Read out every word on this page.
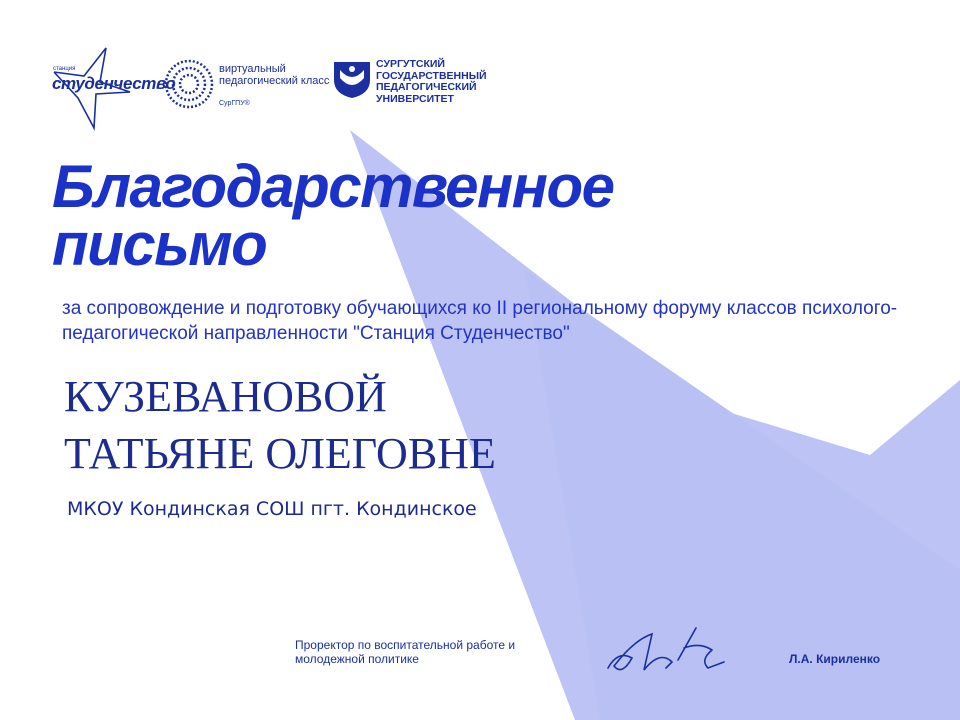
станция
студенчество
виртуальный педагогический класс
СурГПУ®
СУРГУТСКИЙ ГОСУДАРСТВЕННЫЙ ПЕДАГОГИЧЕСКИЙ УНИВЕРСИТЕТ
Благодарственное письмо
за сопровождение и подготовку обучающихся ко II региональному форуму классов психолого-педагогической направленности "Станция Студенчество"
КУЗЕВАНОВОЙ
ТАТЬЯНЕ ОЛЕГОВНЕ
МКОУ Кондинская СОШ пгт. Кондинское
Проректор по воспитательной работе и молодежной политике	Л.А. Кириленко
